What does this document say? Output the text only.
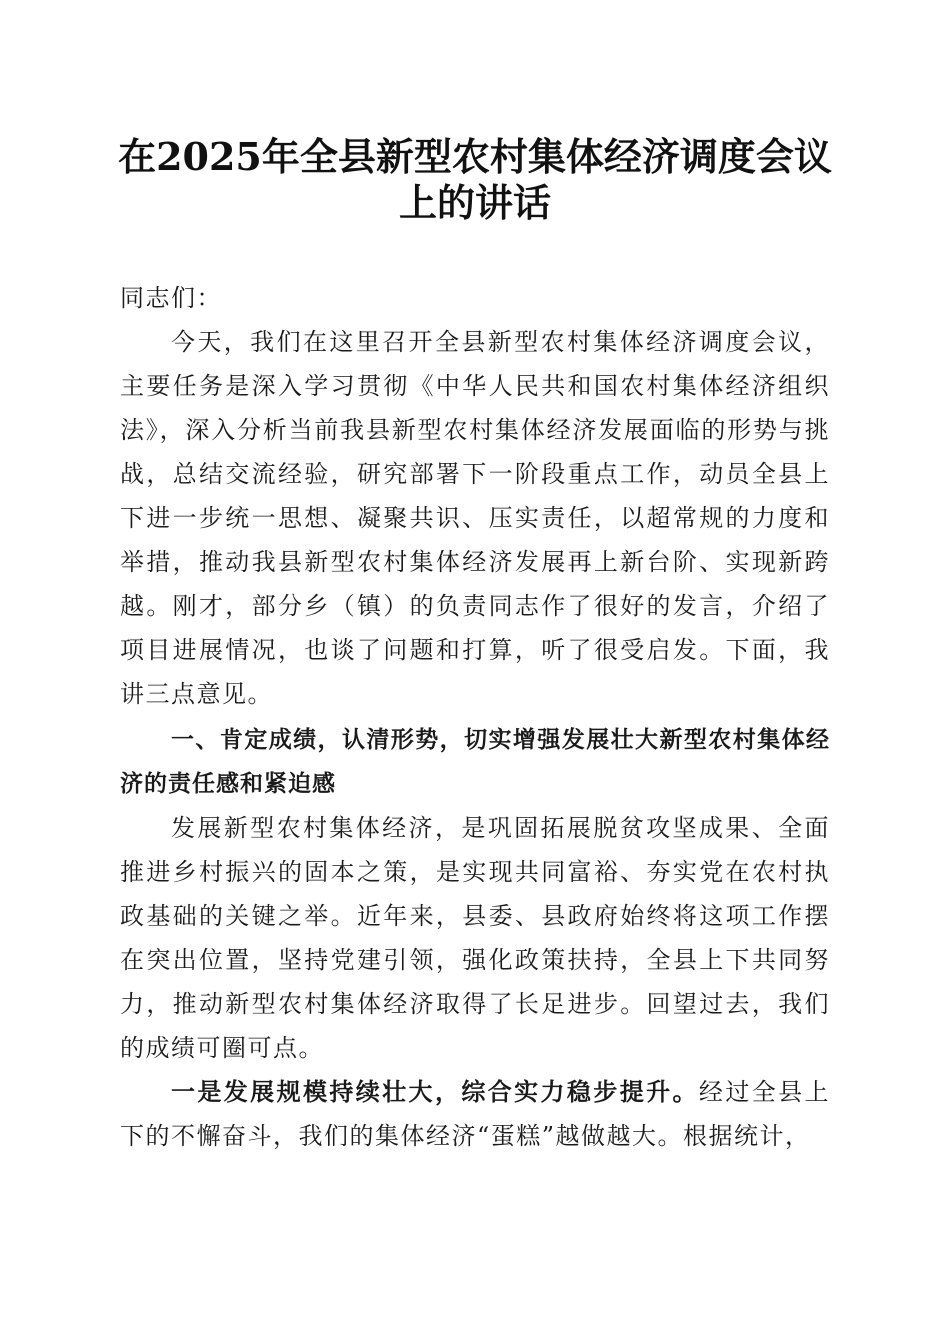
在2025年全县新型农村集体经济调度会议上的讲话

同志们：

今天，我们在这里召开全县新型农村集体经济调度会议，主要任务是深入学习贯彻《中华人民共和国农村集体经济组织法》，深入分析当前我县新型农村集体经济发展面临的形势与挑战，总结交流经验，研究部署下一阶段重点工作，动员全县上下进一步统一思想、凝聚共识、压实责任，以超常规的力度和举措，推动我县新型农村集体经济发展再上新台阶、实现新跨越。刚才，部分乡（镇）的负责同志作了很好的发言，介绍了项目进展情况，也谈了问题和打算，听了很受启发。下面，我讲三点意见。

一、肯定成绩，认清形势，切实增强发展壮大新型农村集体经济的责任感和紧迫感

发展新型农村集体经济，是巩固拓展脱贫攻坚成果、全面推进乡村振兴的固本之策，是实现共同富裕、夯实党在农村执政基础的关键之举。近年来，县委、县政府始终将这项工作摆在突出位置，坚持党建引领，强化政策扶持，全县上下共同努力，推动新型农村集体经济取得了长足进步。回望过去，我们的成绩可圈可点。

一是发展规模持续壮大，综合实力稳步提升。经过全县上下的不懈奋斗，我们的集体经济“蛋糕”越做越大。根据统计，
